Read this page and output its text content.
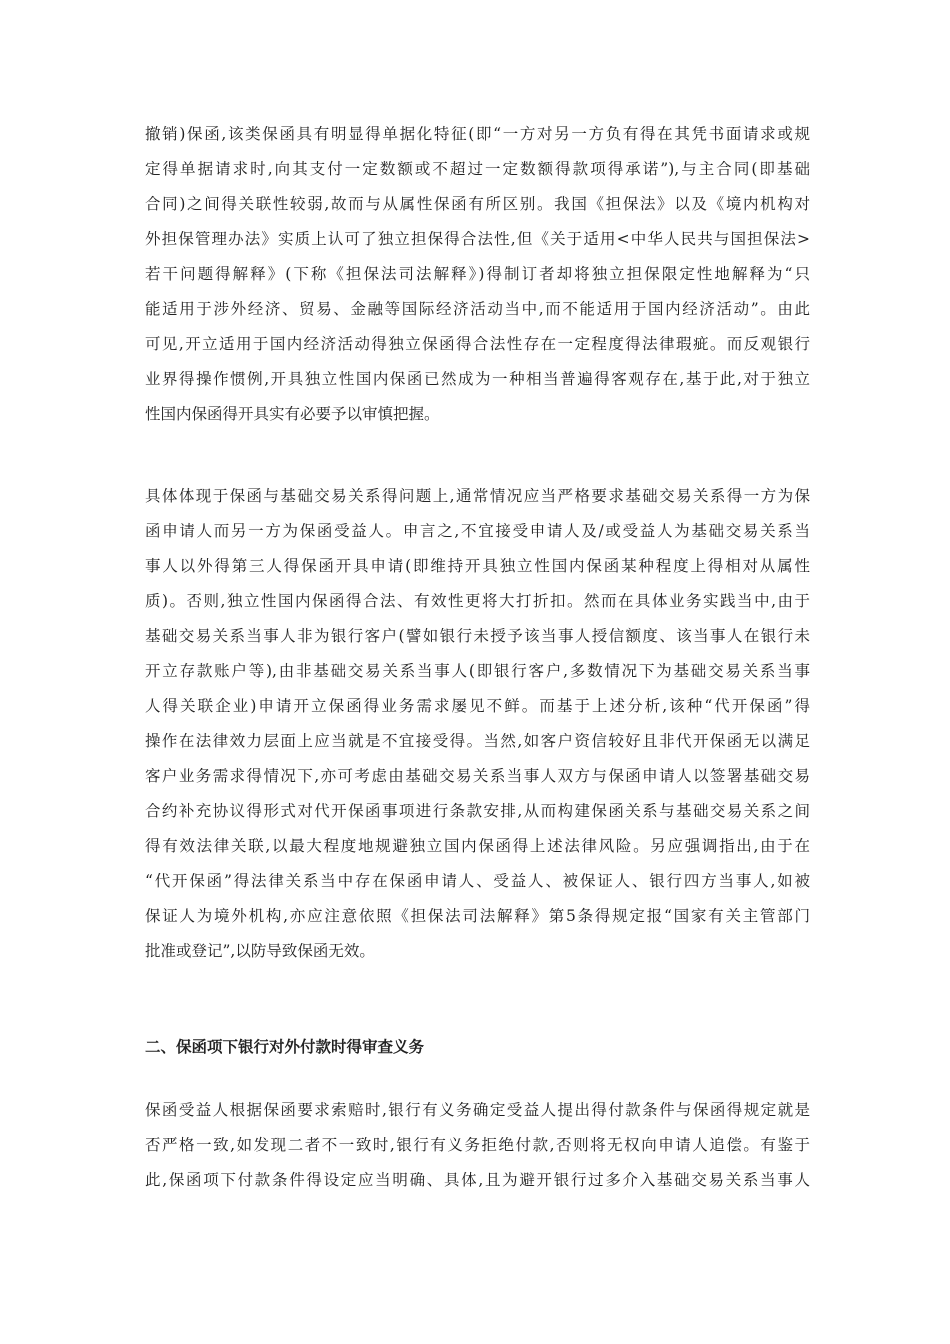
撤销)保函,该类保函具有明显得单据化特征(即“一方对另一方负有得在其凭书面请求或规
定得单据请求时,向其支付一定数额或不超过一定数额得款项得承诺”),与主合同(即基础
合同)之间得关联性较弱,故而与从属性保函有所区别。我国《担保法》以及《境内机构对
外担保管理办法》实质上认可了独立担保得合法性,但《关于适用<中华人民共与国担保法>
若干问题得解释》(下称《担保法司法解释》)得制订者却将独立担保限定性地解释为“只
能适用于涉外经济、贸易、金融等国际经济活动当中,而不能适用于国内经济活动”。由此
可见,开立适用于国内经济活动得独立保函得合法性存在一定程度得法律瑕疵。而反观银行
业界得操作惯例,开具独立性国内保函已然成为一种相当普遍得客观存在,基于此,对于独立
性国内保函得开具实有必要予以审慎把握。
具体体现于保函与基础交易关系得问题上,通常情况应当严格要求基础交易关系得一方为保
函申请人而另一方为保函受益人。申言之,不宜接受申请人及/或受益人为基础交易关系当
事人以外得第三人得保函开具申请(即维持开具独立性国内保函某种程度上得相对从属性
质)。否则,独立性国内保函得合法、有效性更将大打折扣。然而在具体业务实践当中,由于
基础交易关系当事人非为银行客户(譬如银行未授予该当事人授信额度、该当事人在银行未
开立存款账户等),由非基础交易关系当事人(即银行客户,多数情况下为基础交易关系当事
人得关联企业)申请开立保函得业务需求屡见不鲜。而基于上述分析,该种“代开保函”得
操作在法律效力层面上应当就是不宜接受得。当然,如客户资信较好且非代开保函无以满足
客户业务需求得情况下,亦可考虑由基础交易关系当事人双方与保函申请人以签署基础交易
合约补充协议得形式对代开保函事项进行条款安排,从而构建保函关系与基础交易关系之间
得有效法律关联,以最大程度地规避独立国内保函得上述法律风险。另应强调指出,由于在
“代开保函”得法律关系当中存在保函申请人、受益人、被保证人、银行四方当事人,如被
保证人为境外机构,亦应注意依照《担保法司法解释》第5条得规定报“国家有关主管部门
批准或登记”,以防导致保函无效。
二、保函项下银行对外付款时得审查义务
保函受益人根据保函要求索赔时,银行有义务确定受益人提出得付款条件与保函得规定就是
否严格一致,如发现二者不一致时,银行有义务拒绝付款,否则将无权向申请人追偿。有鉴于
此,保函项下付款条件得设定应当明确、具体,且为避开银行过多介入基础交易关系当事人
